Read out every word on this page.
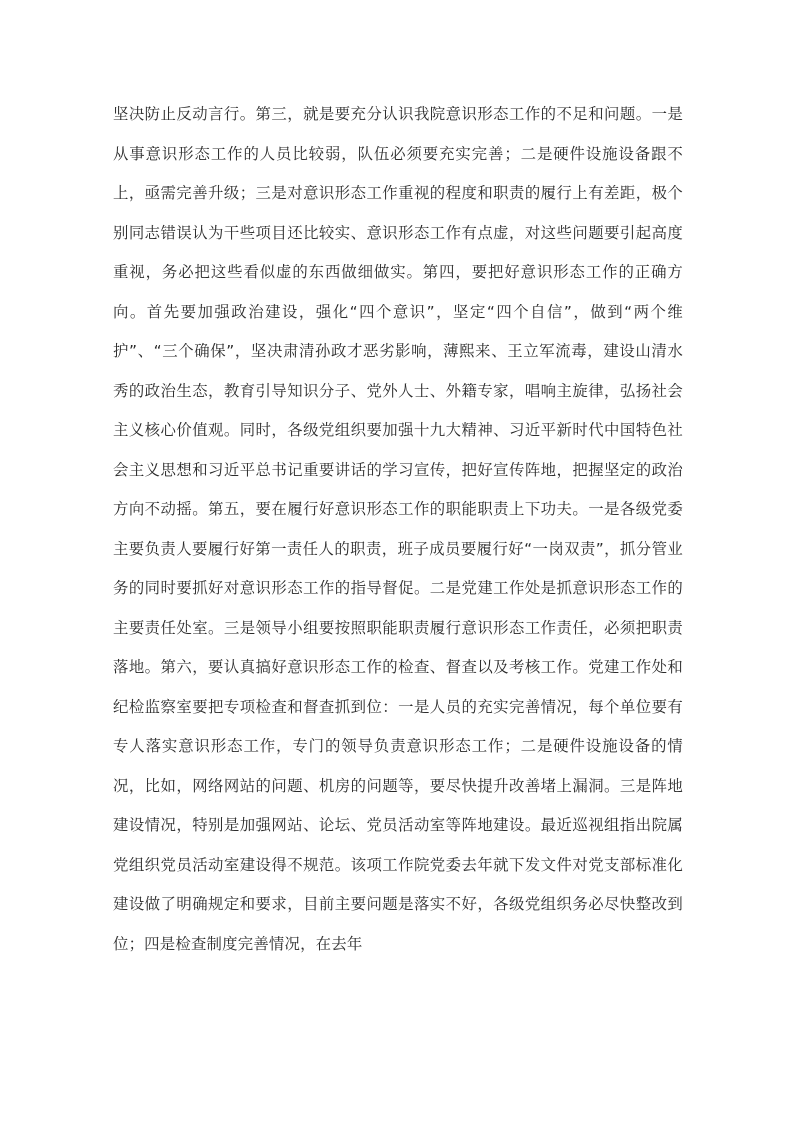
坚决防止反动言行。第三，就是要充分认识我院意识形态工作的不足和问题。一是从事意识形态工作的人员比较弱，队伍必须要充实完善；二是硬件设施设备跟不上，亟需完善升级；三是对意识形态工作重视的程度和职责的履行上有差距，极个别同志错误认为干些项目还比较实、意识形态工作有点虚，对这些问题要引起高度重视，务必把这些看似虚的东西做细做实。第四，要把好意识形态工作的正确方向。首先要加强政治建设，强化“四个意识”，坚定“四个自信”，做到“两个维护”、“三个确保”，坚决肃清孙政才恶劣影响，薄熙来、王立军流毒，建设山清水秀的政治生态，教育引导知识分子、党外人士、外籍专家，唱响主旋律，弘扬社会主义核心价值观。同时，各级党组织要加强十九大精神、习近平新时代中国特色社会主义思想和习近平总书记重要讲话的学习宣传，把好宣传阵地，把握坚定的政治方向不动摇。第五，要在履行好意识形态工作的职能职责上下功夫。一是各级党委主要负责人要履行好第一责任人的职责，班子成员要履行好“一岗双责”，抓分管业务的同时要抓好对意识形态工作的指导督促。二是党建工作处是抓意识形态工作的主要责任处室。三是领导小组要按照职能职责履行意识形态工作责任，必须把职责落地。第六，要认真搞好意识形态工作的检查、督查以及考核工作。党建工作处和纪检监察室要把专项检查和督查抓到位：一是人员的充实完善情况，每个单位要有专人落实意识形态工作，专门的领导负责意识形态工作；二是硬件设施设备的情况，比如，网络网站的问题、机房的问题等，要尽快提升改善堵上漏洞。三是阵地建设情况，特别是加强网站、论坛、党员活动室等阵地建设。最近巡视组指出院属党组织党员活动室建设得不规范。该项工作院党委去年就下发文件对党支部标准化建设做了明确规定和要求，目前主要问题是落实不好，各级党组织务必尽快整改到位；四是检查制度完善情况，在去年
